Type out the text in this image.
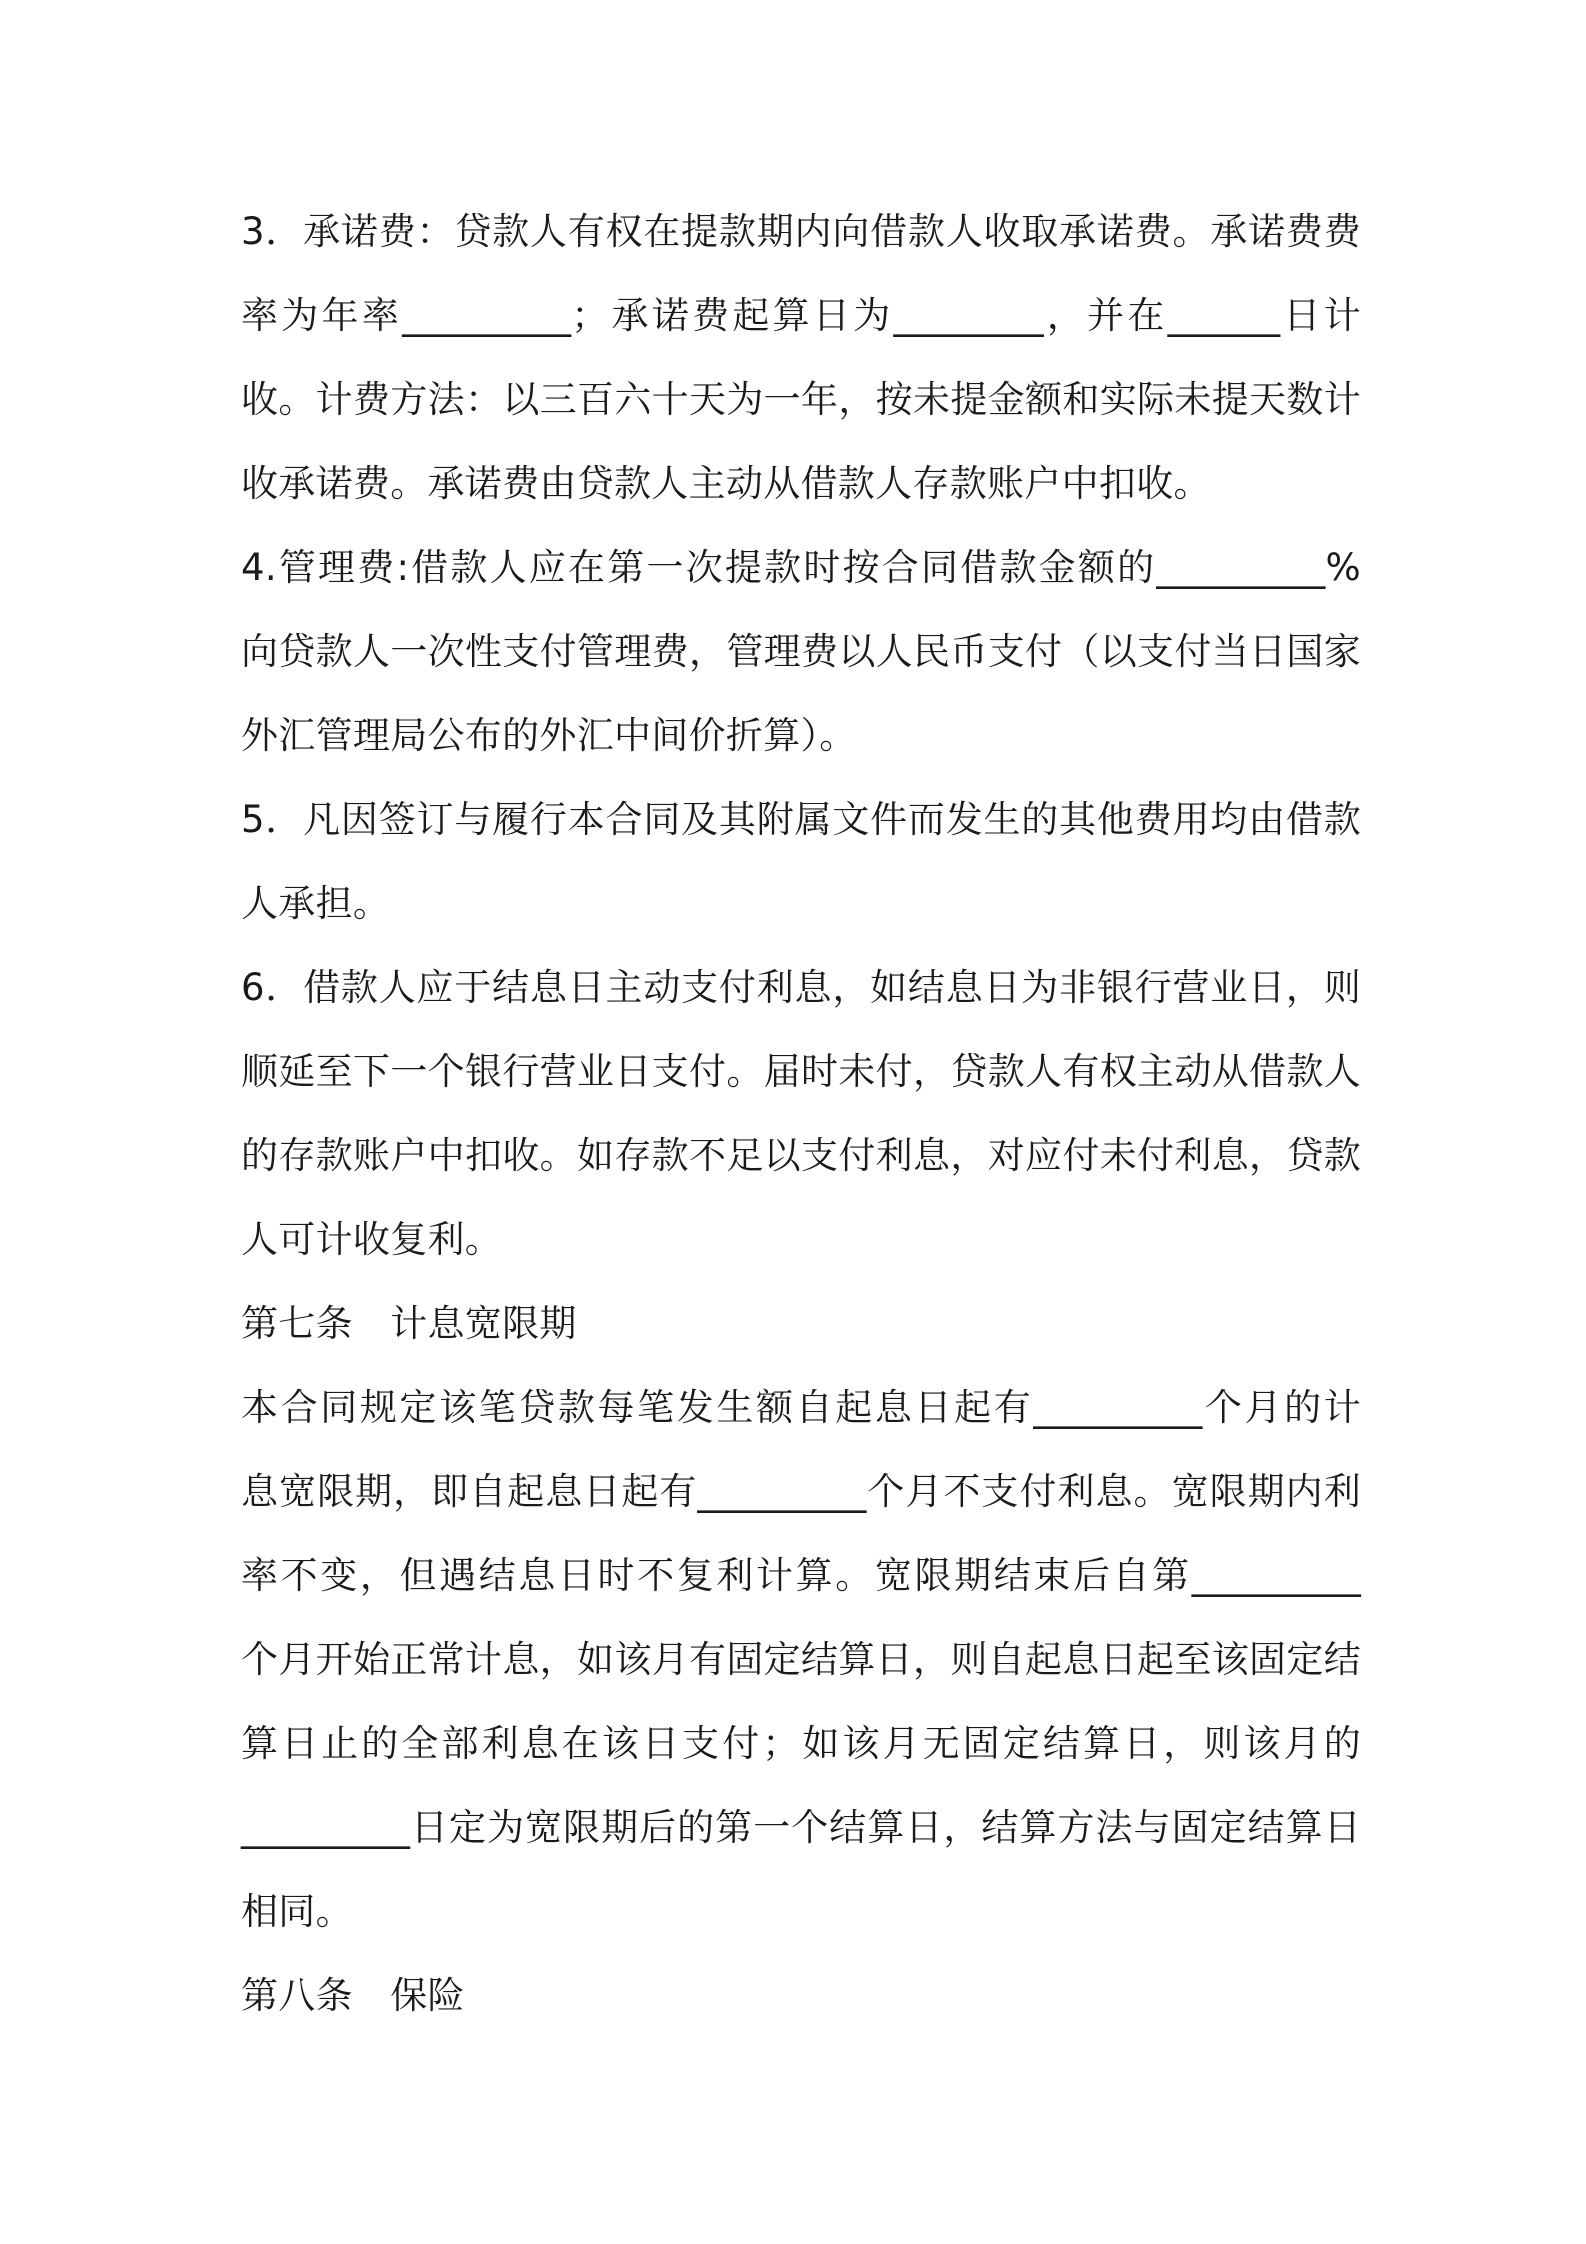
3．承诺费：贷款人有权在提款期内向借款人收取承诺费。承诺费费
率为年率_________；承诺费起算日为________，并在______日计
收。计费方法：以三百六十天为一年，按未提金额和实际未提天数计
收承诺费。承诺费由贷款人主动从借款人存款账户中扣收。
4.管理费:借款人应在第一次提款时按合同借款金额的_________%
向贷款人一次性支付管理费，管理费以人民币支付（以支付当日国家
外汇管理局公布的外汇中间价折算）。
5．凡因签订与履行本合同及其附属文件而发生的其他费用均由借款
人承担。
6．借款人应于结息日主动支付利息，如结息日为非银行营业日，则
顺延至下一个银行营业日支付。届时未付，贷款人有权主动从借款人
的存款账户中扣收。如存款不足以支付利息，对应付未付利息，贷款
人可计收复利。
第七条　计息宽限期
本合同规定该笔贷款每笔发生额自起息日起有_________个月的计
息宽限期，即自起息日起有_________个月不支付利息。宽限期内利
率不变，但遇结息日时不复利计算。宽限期结束后自第_________
个月开始正常计息，如该月有固定结算日，则自起息日起至该固定结
算日止的全部利息在该日支付；如该月无固定结算日，则该月的
_________日定为宽限期后的第一个结算日，结算方法与固定结算日
相同。
第八条　保险
